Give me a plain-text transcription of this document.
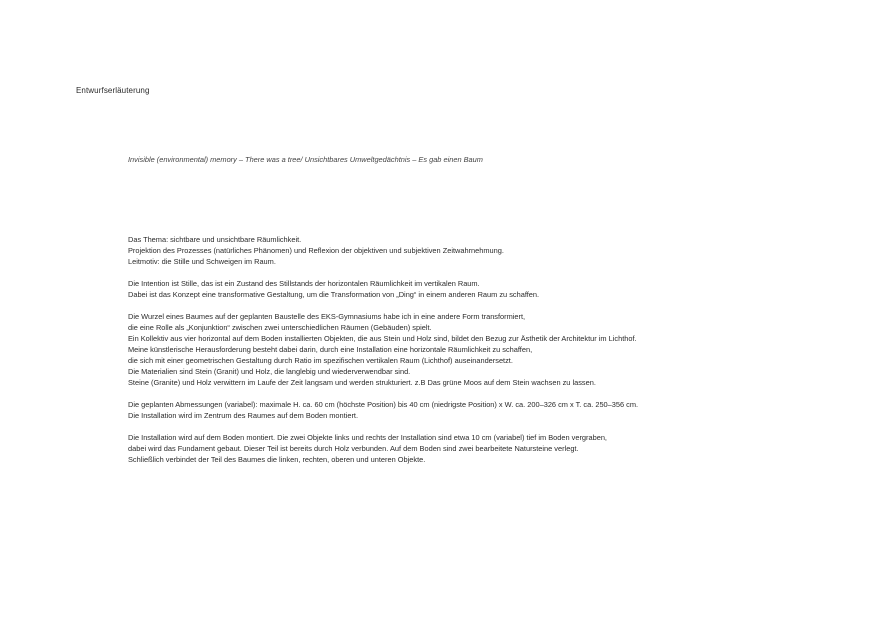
Entwurfserläuterung
Invisible (environmental) memory – There was a tree/ Unsichtbares Umweltgedächtnis – Es gab einen Baum
Das Thema: sichtbare und unsichtbare Räumlichkeit.
Projektion des Prozesses (natürliches Phänomen) und Reflexion der objektiven und subjektiven Zeitwahrnehmung.
Leitmotiv: die Stille und Schweigen im Raum.
Die Intention ist Stille, das ist ein Zustand des Stillstands der horizontalen Räumlichkeit im vertikalen Raum.
Dabei ist das Konzept eine transformative Gestaltung, um die Transformation von „Ding“ in einem anderen Raum zu schaffen.
Die Wurzel eines Baumes auf der geplanten Baustelle des EKS-Gymnasiums habe ich in eine andere Form transformiert,
die eine Rolle als „Konjunktion“ zwischen zwei unterschiedlichen Räumen (Gebäuden) spielt.
Ein Kollektiv aus vier horizontal auf dem Boden installierten Objekten, die aus Stein und Holz sind, bildet den Bezug zur Ästhetik der Architektur im Lichthof.
Meine künstlerische Herausforderung besteht dabei darin, durch eine Installation eine horizontale Räumlichkeit zu schaffen,
die sich mit einer geometrischen Gestaltung durch Ratio im spezifischen vertikalen Raum (Lichthof) auseinandersetzt.
Die Materialien sind Stein (Granit) und Holz, die langlebig und wiederverwendbar sind.
Steine (Granite) und Holz verwittern im Laufe der Zeit langsam und werden strukturiert. z.B Das grüne Moos auf dem Stein wachsen zu lassen.
Die geplanten Abmessungen (variabel): maximale H. ca. 60 cm (höchste Position) bis 40 cm (niedrigste Position) x W. ca. 200–326 cm x T. ca. 250–356 cm.
Die Installation wird im Zentrum des Raumes auf dem Boden montiert.
Die Installation wird auf dem Boden montiert. Die zwei Objekte links und rechts der Installation sind etwa 10 cm (variabel) tief im Boden vergraben,
dabei wird das Fundament gebaut. Dieser Teil ist bereits durch Holz verbunden. Auf dem Boden sind zwei bearbeitete Natursteine verlegt.
Schließlich verbindet der Teil des Baumes die linken, rechten, oberen und unteren Objekte.
